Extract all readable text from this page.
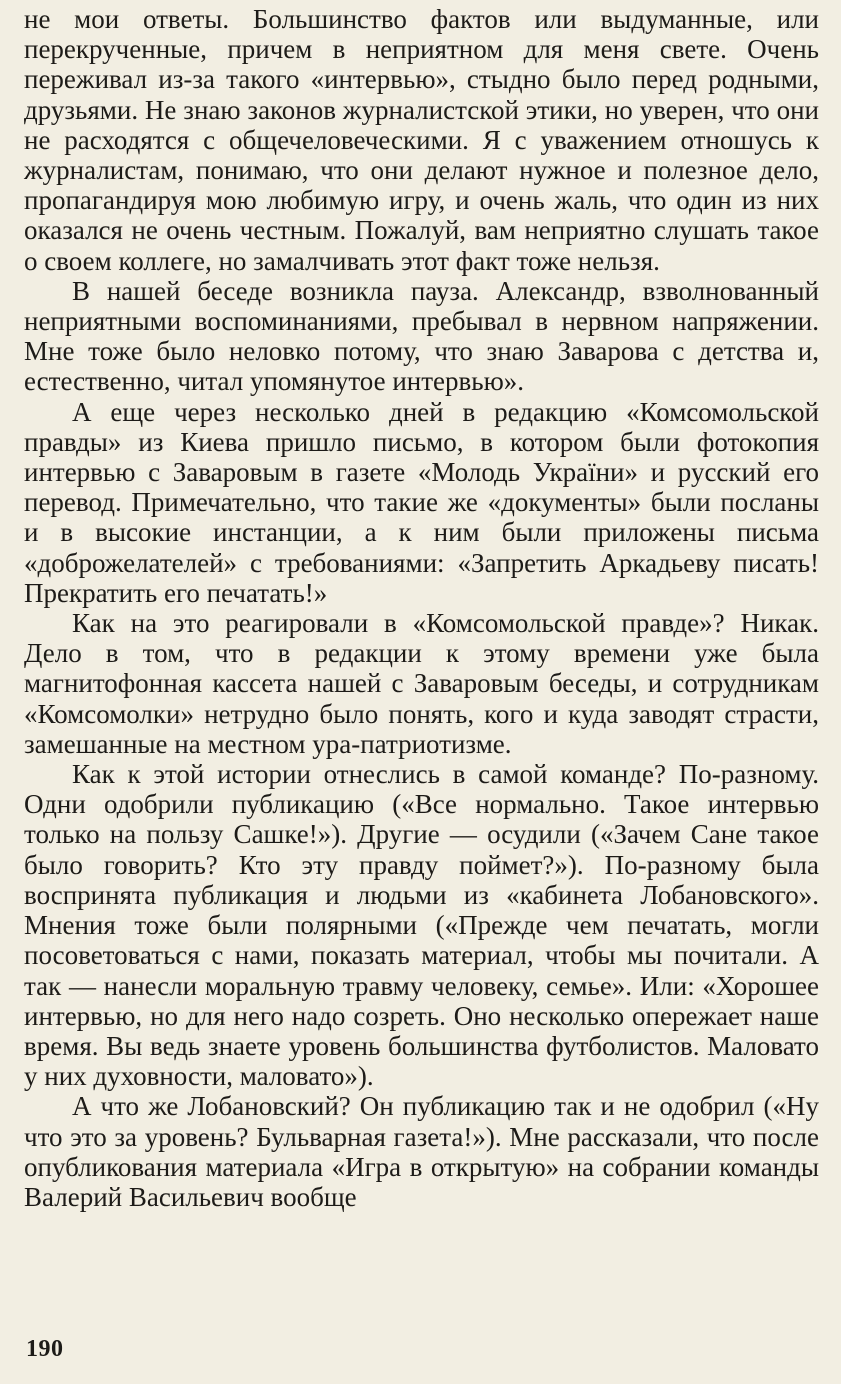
не мои ответы. Большинство фактов или выдуманные, или перекрученные, причем в неприятном для меня свете. Очень переживал из-за такого «интервью», стыдно было перед родными, друзьями. Не знаю законов журналистской этики, но уверен, что они не расходятся с общечеловеческими. Я с уважением отношусь к журналистам, понимаю, что они делают нужное и полезное дело, пропагандируя мою любимую игру, и очень жаль, что один из них оказался не очень честным. Пожалуй, вам неприятно слушать такое о своем коллеге, но замалчивать этот факт тоже нельзя.

В нашей беседе возникла пауза. Александр, взволнованный неприятными воспоминаниями, пребывал в нервном напряжении. Мне тоже было неловко потому, что знаю Заварова с детства и, естественно, читал упомянутое интервью».

А еще через несколько дней в редакцию «Комсомольской правды» из Киева пришло письмо, в котором были фотокопия интервью с Заваровым в газете «Молодь України» и русский его перевод. Примечательно, что такие же «документы» были посланы и в высокие инстанции, а к ним были приложены письма «доброжелателей» с требованиями: «Запретить Аркадьеву писать! Прекратить его печатать!»

Как на это реагировали в «Комсомольской правде»? Никак. Дело в том, что в редакции к этому времени уже была магнитофонная кассета нашей с Заваровым беседы, и сотрудникам «Комсомолки» нетрудно было понять, кого и куда заводят страсти, замешанные на местном ура-патриотизме.

Как к этой истории отнеслись в самой команде? По-разному. Одни одобрили публикацию («Все нормально. Такое интервью только на пользу Сашке!»). Другие — осудили («Зачем Сане такое было говорить? Кто эту правду поймет?»). По-разному была воспринята публикация и людьми из «кабинета Лобановского». Мнения тоже были полярными («Прежде чем печатать, могли посоветоваться с нами, показать материал, чтобы мы почитали. А так — нанесли моральную травму человеку, семье». Или: «Хорошее интервью, но для него надо созреть. Оно несколько опережает наше время. Вы ведь знаете уровень большинства футболистов. Маловато у них духовности, маловато»).

А что же Лобановский? Он публикацию так и не одобрил («Ну что это за уровень? Бульварная газета!»). Мне рассказали, что после опубликования материала «Игра в открытую» на собрании команды Валерий Васильевич вообще

190
